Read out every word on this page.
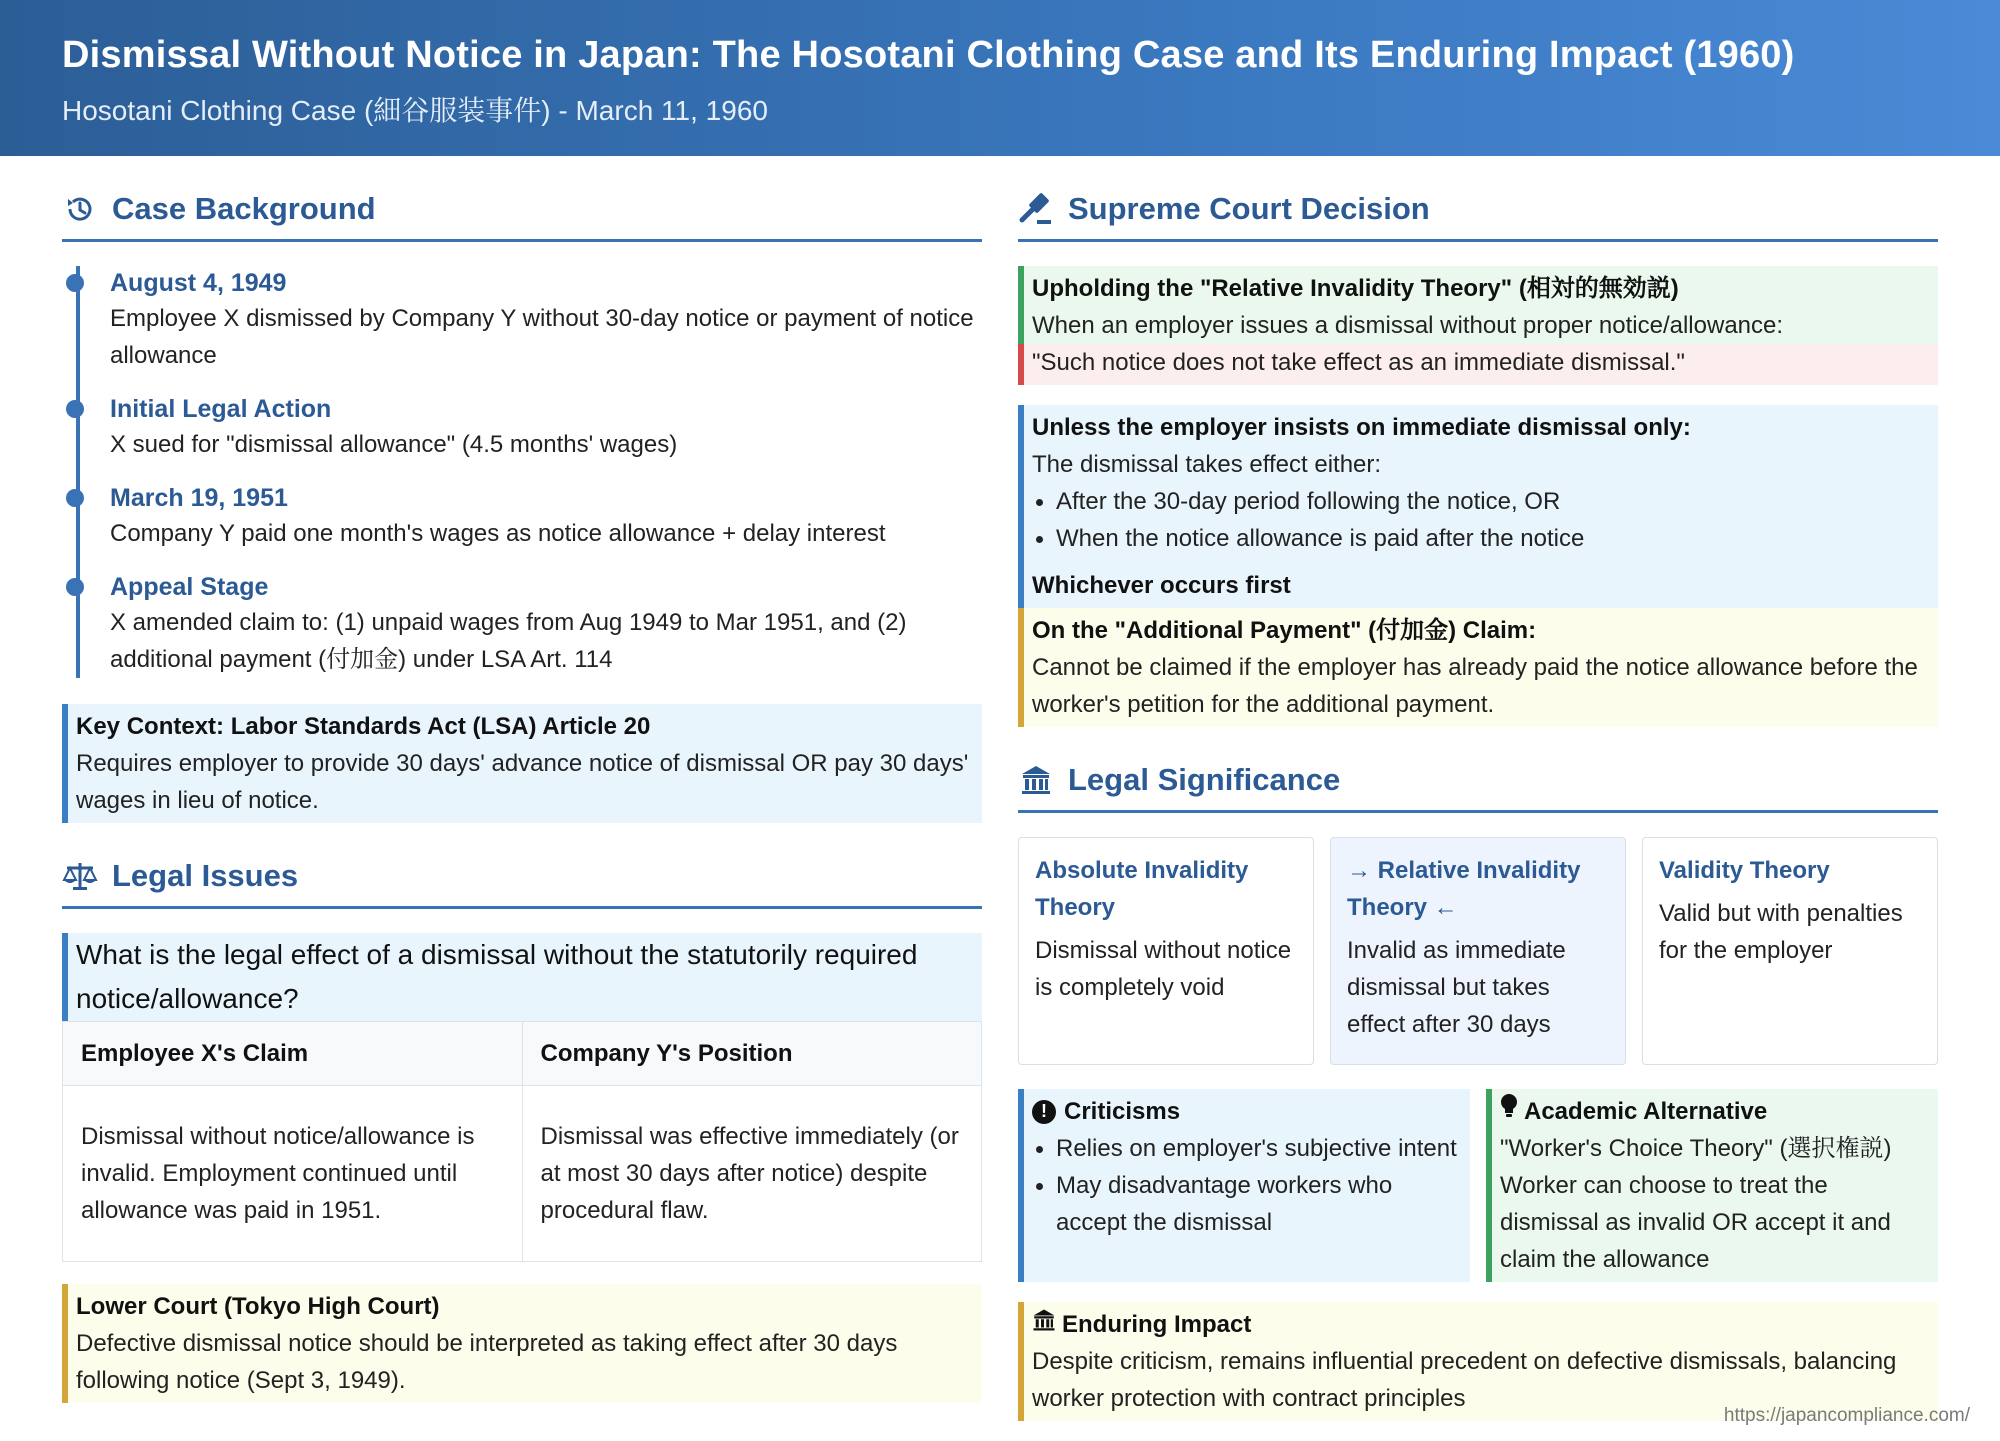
Dismissal Without Notice in Japan: The Hosotani Clothing Case and Its Enduring Impact (1960)
Hosotani Clothing Case (細谷服装事件) - March 11, 1960
Case Background
August 4, 1949
Employee X dismissed by Company Y without 30-day notice or payment of notice allowance
Initial Legal Action
X sued for "dismissal allowance" (4.5 months' wages)
March 19, 1951
Company Y paid one month's wages as notice allowance + delay interest
Appeal Stage
X amended claim to: (1) unpaid wages from Aug 1949 to Mar 1951, and (2) additional payment (付加金) under LSA Art. 114
Key Context: Labor Standards Act (LSA) Article 20
Requires employer to provide 30 days' advance notice of dismissal OR pay 30 days' wages in lieu of notice.
Legal Issues
What is the legal effect of a dismissal without the statutorily required notice/allowance?
Employee X's Claim	Company Y's Position
Dismissal without notice/allowance is invalid. Employment continued until allowance was paid in 1951.	Dismissal was effective immediately (or at most 30 days after notice) despite procedural flaw.
Lower Court (Tokyo High Court)
Defective dismissal notice should be interpreted as taking effect after 30 days following notice (Sept 3, 1949).
Supreme Court Decision
Upholding the "Relative Invalidity Theory" (相対的無効説)
When an employer issues a dismissal without proper notice/allowance:
"Such notice does not take effect as an immediate dismissal."
Unless the employer insists on immediate dismissal only:
The dismissal takes effect either:
After the 30-day period following the notice, OR
When the notice allowance is paid after the notice
Whichever occurs first
On the "Additional Payment" (付加金) Claim:
Cannot be claimed if the employer has already paid the notice allowance before the worker's petition for the additional payment.
Legal Significance
Absolute Invalidity Theory
Dismissal without notice is completely void
→ Relative Invalidity Theory ←
Invalid as immediate dismissal but takes effect after 30 days
Validity Theory
Valid but with penalties for the employer
! Criticisms
Relies on employer's subjective intent
May disadvantage workers who accept the dismissal
Academic Alternative
"Worker's Choice Theory" (選択権説)
Worker can choose to treat the dismissal as invalid OR accept it and claim the allowance
Enduring Impact
Despite criticism, remains influential precedent on defective dismissals, balancing worker protection with contract principles
https://japancompliance.com/
